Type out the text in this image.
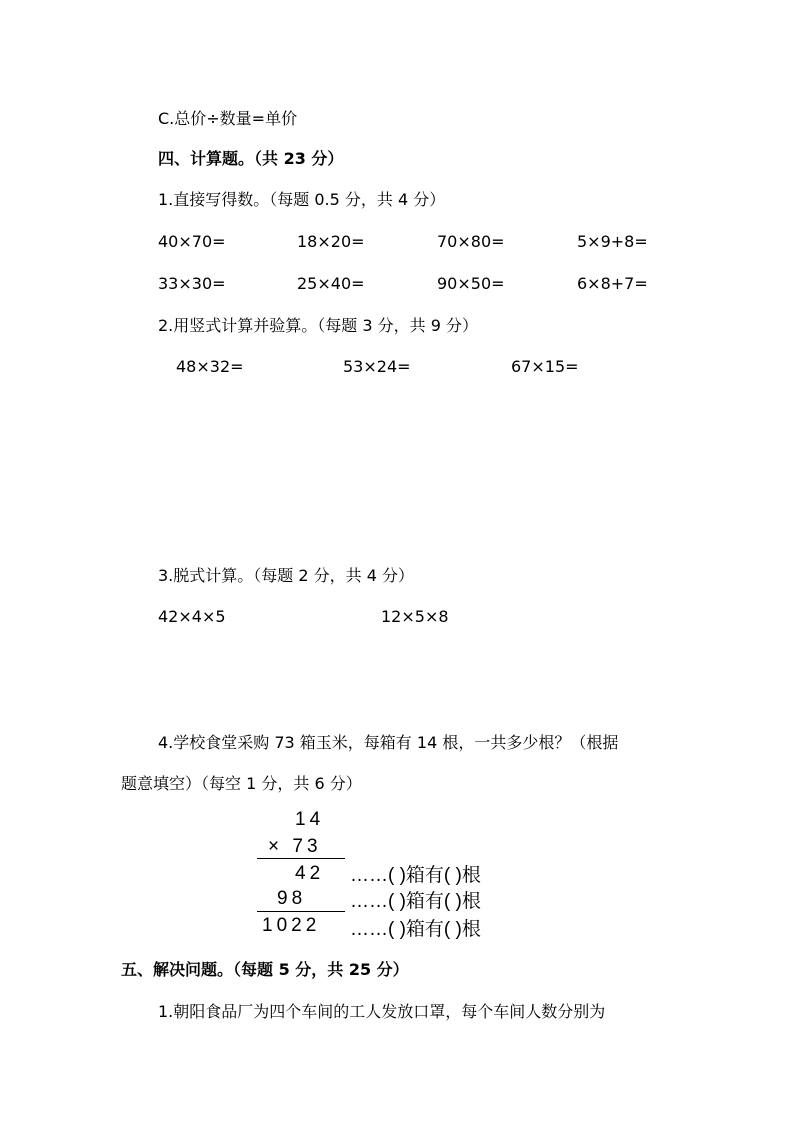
C.总价÷数量=单价
四、计算题。（共 23 分）
1.直接写得数。（每题 0.5 分，共 4 分）
40×70=	18×20=	70×80=	5×9+8=
33×30=	25×40=	90×50=	6×8+7=
2.用竖式计算并验算。（每题 3 分，共 9 分）
48×32=	53×24=	67×15=
3.脱式计算。（每题 2 分，共 4 分）
42×4×5	12×5×8
4.学校食堂采购 73 箱玉米，每箱有 14 根，一共多少根？（根据
题意填空）（每空 1 分，共 6 分）
14
× 73
42
98
1022
……( )箱有( )根
……( )箱有( )根
……( )箱有( )根
五、解决问题。（每题 5 分，共 25 分）
1.朝阳食品厂为四个车间的工人发放口罩，每个车间人数分别为
